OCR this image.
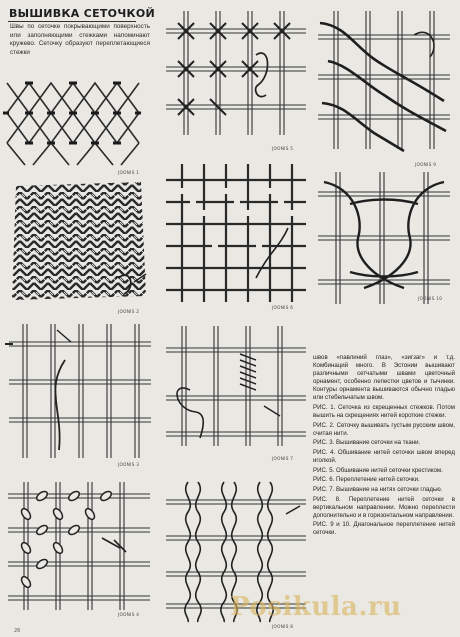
ВЫШИВКА СЕТОЧКОЙ
Швы по сеточке покрывающими поверхность или заполняющими стежками напоминают кружево. Сеточку образуют переплетающиеся стежки
JOONIS 1
JOONIS 2
JOONIS 3
JOONIS 4
JOONIS 5
JOONIS 6
JOONIS 7
JOONIS 8
JOONIS 9
JOONIS 10

швов «павлиний глаз», «зигзаг» и т.д. Комбинаций много. В Эстонии вышивают различными сетчатыми швами цветочный орнамент, особенно лепестки цветов и тычинки. Контуры орнамента вышиваются обычно гладью или стебельчатым швом.

РИС. 1. Сеточка из скрещенных стежков. Потом вышить на скрещениях нитей короткие стежки.

РИС. 2. Сеточку вышивать густым русским швом, считая нити.

РИС. 3. Вышивание сеточки на ткани.

РИС. 4. Обшивание нитей сеточки швом вперед иголкой.

РИС. 5. Обшивание нитей сеточки крестиком.

РИС. 6. Переплетение нитей сеточки.

РИС. 7. Вышивание на нитях сеточки гладью.

РИС. 8. Переплетение нитей сеточки в вертикальном направлении. Можно переплести дополнительно и в горизонтальном направлении.

РИС. 9 и 10. Диагональное переплетение нитей сеточки.

Posikula.ru
26
